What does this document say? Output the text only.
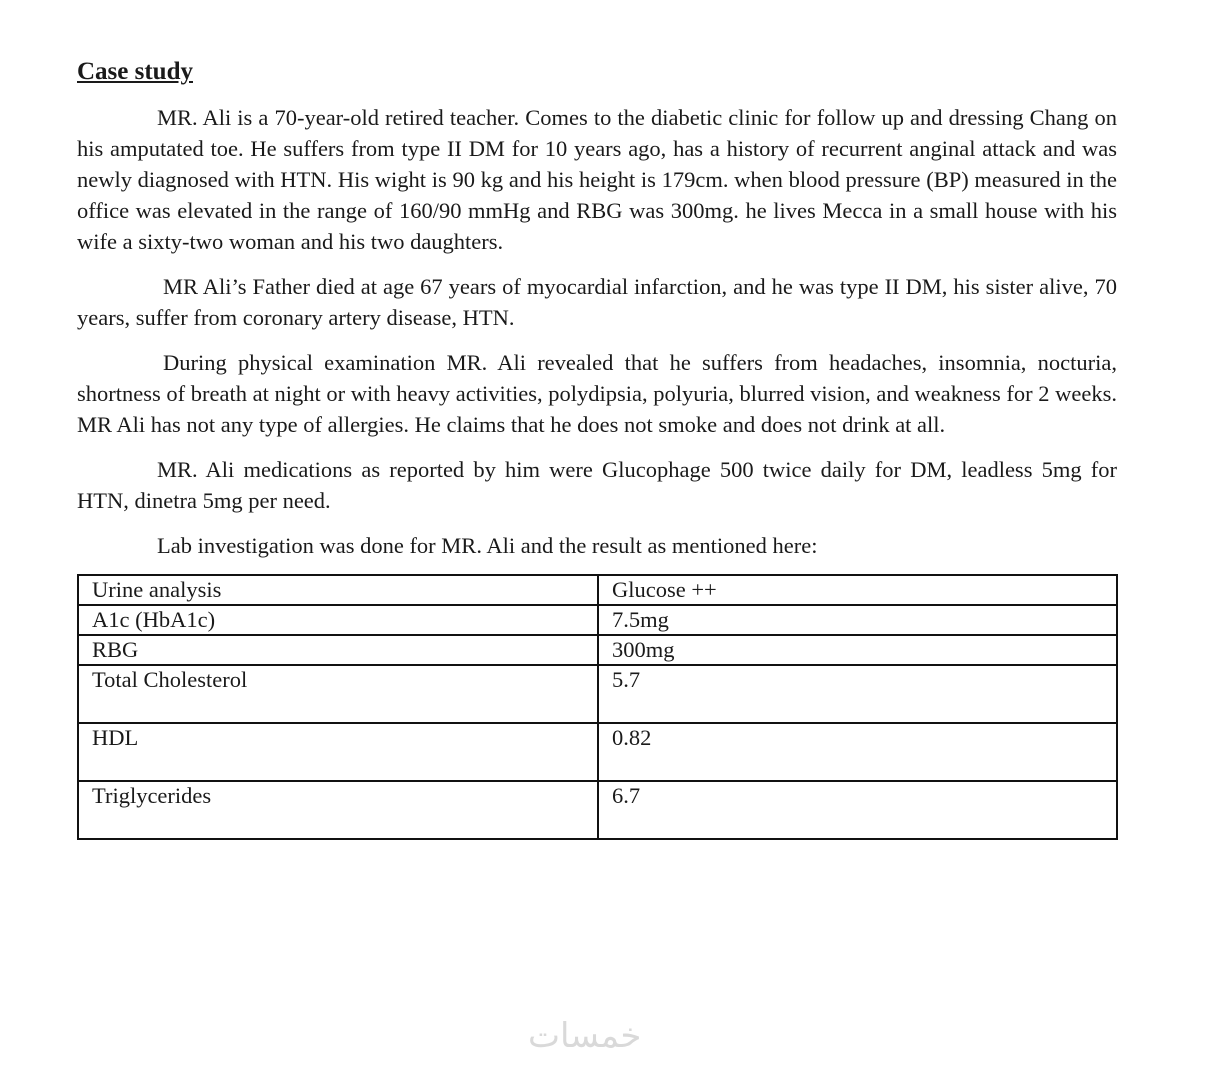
Case study

MR. Ali is a 70-year-old retired teacher. Comes to the diabetic clinic for follow up and dressing Chang on his amputated toe. He suffers from type II DM for 10 years ago, has a history of recurrent anginal attack and was newly diagnosed with HTN. His wight is 90 kg and his height is 179cm. when blood pressure (BP) measured in the office was elevated in the range of 160/90 mmHg and RBG was 300mg. he lives Mecca in a small house with his wife a sixty-two woman and his two daughters.

MR Ali’s Father died at age 67 years of myocardial infarction, and he was type II DM, his sister alive, 70 years, suffer from coronary artery disease, HTN.

During physical examination MR. Ali revealed that he suffers from headaches, insomnia, nocturia, shortness of breath at night or with heavy activities, polydipsia, polyuria, blurred vision, and weakness for 2 weeks. MR Ali has not any type of allergies. He claims that he does not smoke and does not drink at all.

MR. Ali medications as reported by him were Glucophage 500 twice daily for DM, leadless 5mg for HTN, dinetra 5mg per need.

Lab investigation was done for MR. Ali and the result as mentioned here:

Urine analysis	Glucose ++
A1c (HbA1c)	7.5mg
RBG	300mg
Total Cholesterol	5.7
HDL	0.82
Triglycerides	6.7
خمسات
